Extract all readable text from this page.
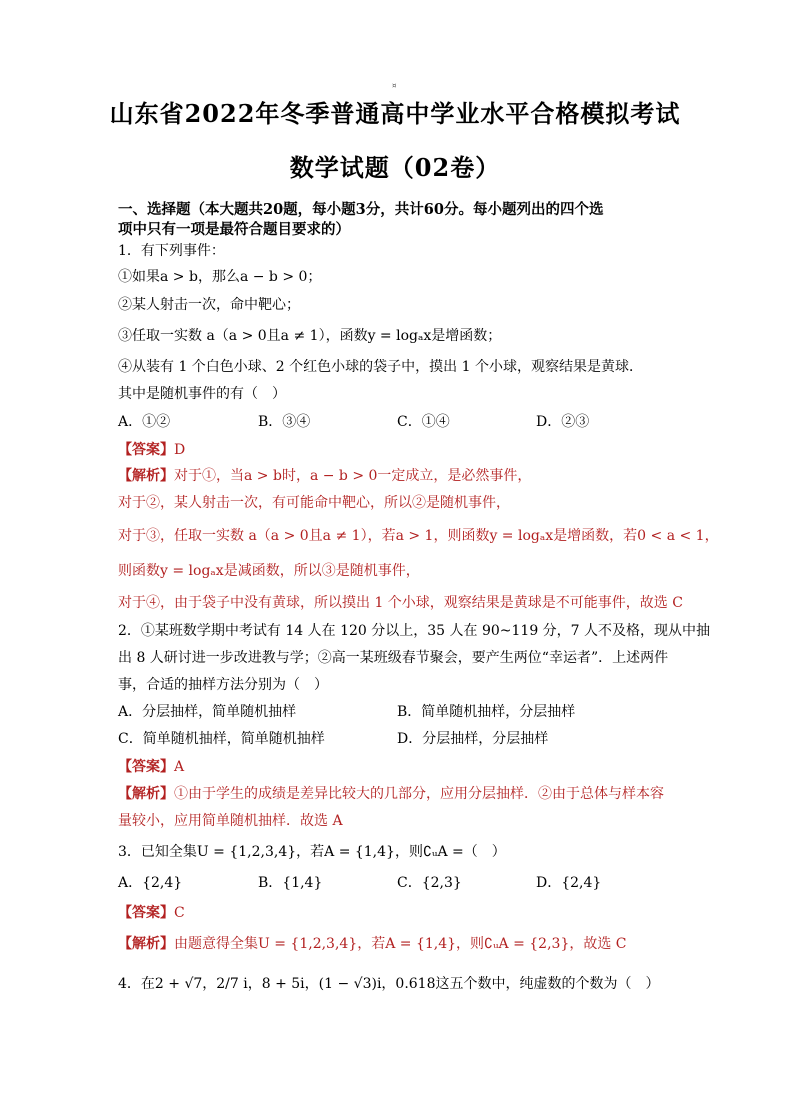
¤
山东省2022年冬季普通高中学业水平合格模拟考试
数学试题（02卷）
一、选择题（本大题共20题，每小题3分，共计60分。每小题列出的四个选
项中只有一项是最符合题目要求的）
1．有下列事件：
①如果a > b，那么a − b > 0；
②某人射击一次，命中靶心；
③任取一实数 a（a > 0且a ≠ 1），函数y = logₐx是增函数；
④从装有 1 个白色小球、2 个红色小球的袋子中，摸出 1 个小球，观察结果是黄球．
其中是随机事件的有（　）
A．①②	B．③④	C．①④	D．②③
【答案】D
【解析】对于①，当a > b时，a − b > 0一定成立，是必然事件，
对于②，某人射击一次，有可能命中靶心，所以②是随机事件，
对于③，任取一实数 a（a > 0且a ≠ 1），若a > 1，则函数y = logₐx是增函数，若0 < a < 1，
则函数y = logₐx是减函数，所以③是随机事件，
对于④，由于袋子中没有黄球，所以摸出 1 个小球，观察结果是黄球是不可能事件，故选 C
2．①某班数学期中考试有 14 人在 120 分以上，35 人在 90~119 分，7 人不及格，现从中抽
出 8 人研讨进一步改进教与学；②高一某班级春节聚会，要产生两位“幸运者”．上述两件
事，合适的抽样方法分别为（　）
A．分层抽样，简单随机抽样	B．简单随机抽样，分层抽样
C．简单随机抽样，简单随机抽样	D．分层抽样，分层抽样
【答案】A
【解析】①由于学生的成绩是差异比较大的几部分，应用分层抽样．②由于总体与样本容
量较小，应用简单随机抽样．故选 A
3．已知全集U = {1,2,3,4}，若A = {1,4}，则∁ᵤA =（　）
A．{2,4}	B．{1,4}	C．{2,3}	D．{2,4}
【答案】C
【解析】由题意得全集U = {1,2,3,4}，若A = {1,4}，则∁ᵤA = {2,3}，故选 C
4．在2 + √7，2/7 i，8 + 5i，(1 − √3)i，0.618这五个数中，纯虚数的个数为（　）
